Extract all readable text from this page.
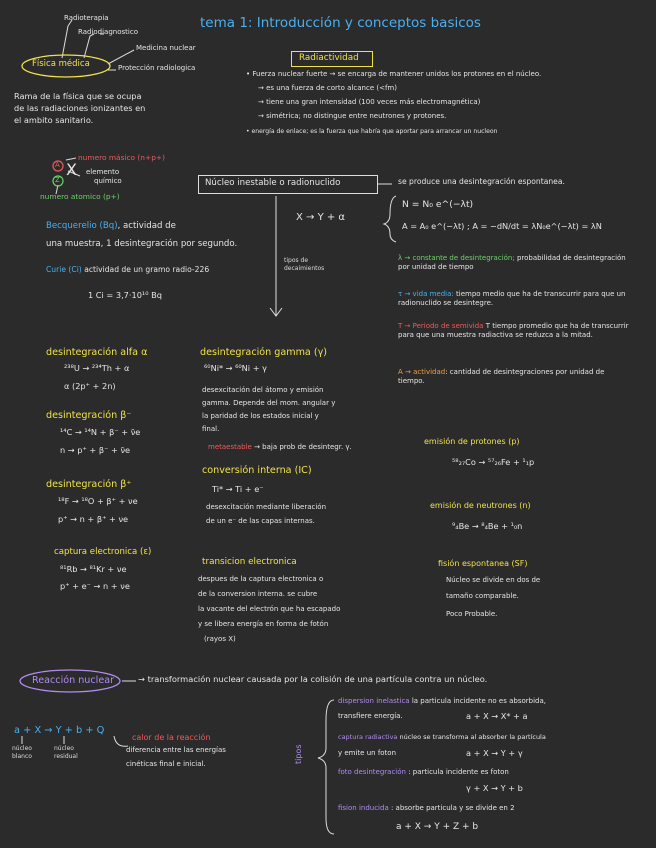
tema 1: Introducción y conceptos basicos
Radioterapia
Radiodiagnostico
Medicina nuclear
Protección radiologica
Física médica
Rama de la física que se ocupa
de las radiaciones ionizantes en
el ambito sanitario.
Radiactividad
• Fuerza nuclear fuerte → se encarga de mantener unidos los protones en el núcleo.
→ es una fuerza de corto alcance (<fm)
→ tiene una gran intensidad (100 veces más electromagnética)
→ simétrica; no distingue entre neutrones y protones.
• energía de enlace; es la fuerza que habría que aportar para arrancar un nucleon
A
Z
X
numero másico (n+p+)
elemento
químico
numero atomico (p+)
Núcleo inestable o radionuclido	se produce una desintegración espontanea.
X → Y + α
tipos de
decaimientos
N = N₀ e^(−λt)
A = A₀ e^(−λt) ; A = −dN/dt = λN₀e^(−λt) = λN
Becquerelio (Bq), actividad de
una muestra, 1 desintegración por segundo.
Curie (Ci) actividad de un gramo radio-226
1 Ci = 3,7·10¹⁰ Bq
λ → constante de desintegración; probabilidad de desintegración por unidad de tiempo
τ → vida media: tiempo medio que ha de transcurrir para que un radionuclido se desintegre.
T → Periodo de semivida T tiempo promedio que ha de transcurrir para que una muestra radiactiva se reduzca a la mitad.
A → actividad: cantidad de desintegraciones por unidad de tiempo.
desintegración alfa α
²³⁸U → ²³⁴Th + α
α (2p⁺ + 2n)
desintegración β⁻
¹⁴C → ¹⁴N + β⁻ + ν̄e
n → p⁺ + β⁻ + ν̄e
desintegración β⁺
¹⁸F → ¹⁸O + β⁺ + νe
p⁺ → n + β⁺ + νe
captura electronica (ε)
⁸¹Rb → ⁸¹Kr + νe
p⁺ + e⁻ → n + νe
desintegración gamma (γ)
⁶⁰Ni* → ⁶⁰Ni + γ
desexcitación del átomo y emisión
gamma. Depende del mom. angular y
la paridad de los estados inicial y
final.
metaestable → baja prob de desintegr. γ.
conversión interna (IC)
Ti* → Ti + e⁻
desexcitación mediante liberación
de un e⁻ de las capas internas.
transicion electronica
despues de la captura electronica o
de la conversion interna. se cubre
la vacante del electrón que ha escapado
y se libera energía en forma de fotón
(rayos X)
emisión de protones (p)
⁵⁸₂₇Co → ⁵⁷₂₆Fe + ¹₁p
emisión de neutrones (n)
⁹₄Be → ⁸₄Be + ¹₀n
fisión espontanea (SF)
Núcleo se divide en dos de
tamaño comparable.
Poco Probable.
Reacción nuclear	→ transformación nuclear causada por la colisión de una partícula contra un núcleo.
a + X → Y + b + Q
núcleo
blanco
núcleo
residual
calor de la reacción
diferencia entre las energías
cinéticas final e inicial.	tipos
dispersion inelastica la particula incidente no es absorbida,
transfiere energía.	a + X → X* + a
captura radiactiva núcleo se transforma al absorber la partícula
y emite un foton	a + X → Y + γ
foto desintegración : particula incidente es foton
γ + X → Y + b
fision inducida : absorbe particula y se divide en 2
a + X → Y + Z + b
